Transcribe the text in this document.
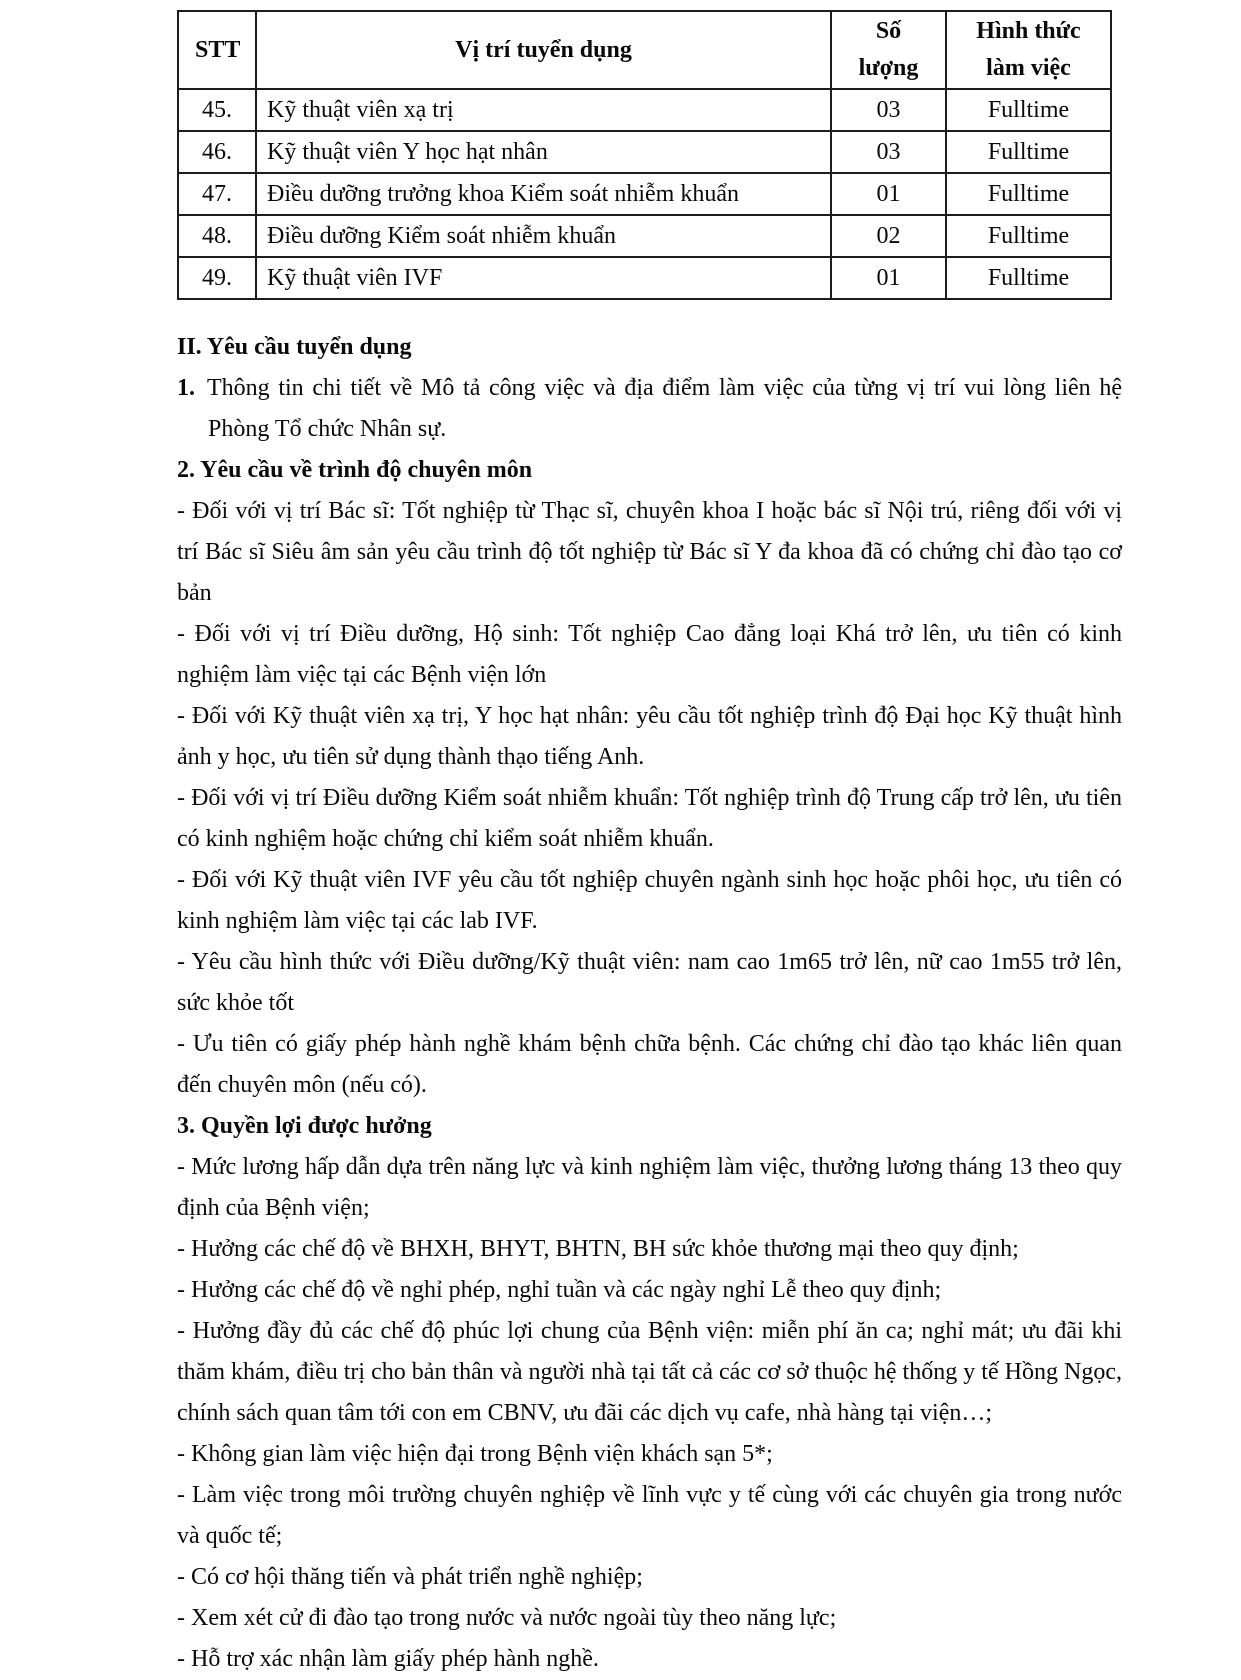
STT	Vị trí tuyển dụng	Số lượng	Hình thức làm việc
45.	Kỹ thuật viên xạ trị	03	Fulltime
46.	Kỹ thuật viên Y học hạt nhân	03	Fulltime
47.	Điều dưỡng trưởng khoa Kiểm soát nhiễm khuẩn	01	Fulltime
48.	Điều dưỡng Kiểm soát nhiễm khuẩn	02	Fulltime
49.	Kỹ thuật viên IVF	01	Fulltime

II. Yêu cầu tuyển dụng

1. Thông tin chi tiết về Mô tả công việc và địa điểm làm việc của từng vị trí vui lòng liên hệ Phòng Tổ chức Nhân sự.

2. Yêu cầu về trình độ chuyên môn

- Đối với vị trí Bác sĩ: Tốt nghiệp từ Thạc sĩ, chuyên khoa I hoặc bác sĩ Nội trú, riêng đối với vị trí Bác sĩ Siêu âm sản yêu cầu trình độ tốt nghiệp từ Bác sĩ Y đa khoa đã có chứng chỉ đào tạo cơ bản

- Đối với vị trí Điều dưỡng, Hộ sinh: Tốt nghiệp Cao đẳng loại Khá trở lên, ưu tiên có kinh nghiệm làm việc tại các Bệnh viện lớn

- Đối với Kỹ thuật viên xạ trị, Y học hạt nhân: yêu cầu tốt nghiệp trình độ Đại học Kỹ thuật hình ảnh y học, ưu tiên sử dụng thành thạo tiếng Anh.

- Đối với vị trí Điều dưỡng Kiểm soát nhiễm khuẩn: Tốt nghiệp trình độ Trung cấp trở lên, ưu tiên có kinh nghiệm hoặc chứng chỉ kiểm soát nhiễm khuẩn.

- Đối với Kỹ thuật viên IVF yêu cầu tốt nghiệp chuyên ngành sinh học hoặc phôi học, ưu tiên có kinh nghiệm làm việc tại các lab IVF.

- Yêu cầu hình thức với Điều dưỡng/Kỹ thuật viên: nam cao 1m65 trở lên, nữ cao 1m55 trở lên, sức khỏe tốt

- Ưu tiên có giấy phép hành nghề khám bệnh chữa bệnh. Các chứng chỉ đào tạo khác liên quan đến chuyên môn (nếu có).

3. Quyền lợi được hưởng

- Mức lương hấp dẫn dựa trên năng lực và kinh nghiệm làm việc, thưởng lương tháng 13 theo quy định của Bệnh viện;

- Hưởng các chế độ về BHXH, BHYT, BHTN, BH sức khỏe thương mại theo quy định;

- Hưởng các chế độ về nghỉ phép, nghỉ tuần và các ngày nghỉ Lễ theo quy định;

- Hưởng đầy đủ các chế độ phúc lợi chung của Bệnh viện: miễn phí ăn ca; nghỉ mát; ưu đãi khi thăm khám, điều trị cho bản thân và người nhà tại tất cả các cơ sở thuộc hệ thống y tế Hồng Ngọc, chính sách quan tâm tới con em CBNV, ưu đãi các dịch vụ cafe, nhà hàng tại viện…;

- Không gian làm việc hiện đại trong Bệnh viện khách sạn 5*;

- Làm việc trong môi trường chuyên nghiệp về lĩnh vực y tế cùng với các chuyên gia trong nước và quốc tế;

- Có cơ hội thăng tiến và phát triển nghề nghiệp;

- Xem xét cử đi đào tạo trong nước và nước ngoài tùy theo năng lực;

- Hỗ trợ xác nhận làm giấy phép hành nghề.
